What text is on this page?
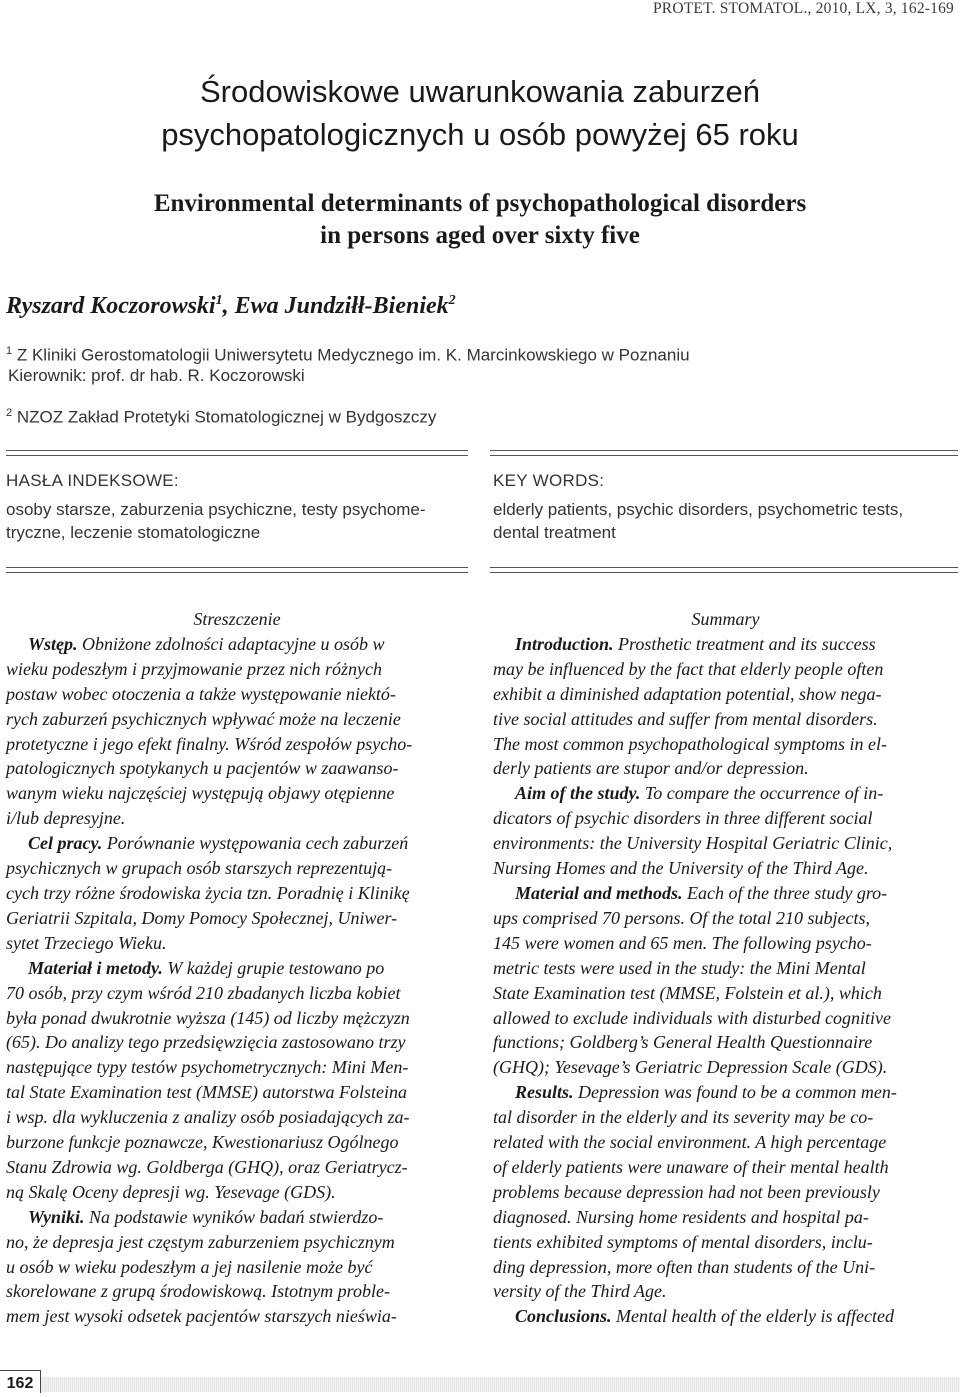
PROTET. STOMATOL., 2010, LX, 3, 162-169
Środowiskowe uwarunkowania zaburzeń
psychopatologicznych u osób powyżej 65 roku
Environmental determinants of psychopathological disorders
in persons aged over sixty five
Ryszard Koczorowski$^1$, Ewa Jundziłł-Bieniek$^2$
$^1$ Z Kliniki Gerostomatologii Uniwersytetu Medycznego im. K. Marcinkowskiego w Poznaniu
Kierownik: prof. dr hab. R. Koczorowski
$^2$ NZOZ Zakład Protetyki Stomatologicznej w Bydgoszczy
HASŁA INDEKSOWE:
osoby starsze, zaburzenia psychiczne, testy psychome-
tryczne, leczenie stomatologiczne
KEY WORDS:
elderly patients, psychic disorders, psychometric tests,
dental treatment
Streszczenie
Wstęp. Obniżone zdolności adaptacyjne u osób w
wieku podeszłym i przyjmowanie przez nich różnych
postaw wobec otoczenia a także występowanie niektó-
rych zaburzeń psychicznych wpływać może na leczenie
protetyczne i jego efekt finalny. Wśród zespołów psycho-
patologicznych spotykanych u pacjentów w zaawanso-
wanym wieku najczęściej występują objawy otępienne
i/lub depresyjne.
Cel pracy. Porównanie występowania cech zaburzeń
psychicznych w grupach osób starszych reprezentują-
cych trzy różne środowiska życia tzn. Poradnię i Klinikę
Geriatrii Szpitala, Domy Pomocy Społecznej, Uniwer-
sytet Trzeciego Wieku.
Materiał i metody. W każdej grupie testowano po
70 osób, przy czym wśród 210 zbadanych liczba kobiet
była ponad dwukrotnie wyższa (145) od liczby mężczyzn
(65). Do analizy tego przedsięwzięcia zastosowano trzy
następujące typy testów psychometrycznych: Mini Men-
tal State Examination test (MMSE) autorstwa Folsteina
i wsp. dla wykluczenia z analizy osób posiadających za-
burzone funkcje poznawcze, Kwestionariusz Ogólnego
Stanu Zdrowia wg. Goldberga (GHQ), oraz Geriatrycz-
ną Skalę Oceny depresji wg. Yesevage (GDS).
Wyniki. Na podstawie wyników badań stwierdzo-
no, że depresja jest częstym zaburzeniem psychicznym
u osób w wieku podeszłym a jej nasilenie może być
skorelowane z grupą środowiskową. Istotnym proble-
mem jest wysoki odsetek pacjentów starszych nieświa-
Summary
Introduction. Prosthetic treatment and its success
may be influenced by the fact that elderly people often
exhibit a diminished adaptation potential, show nega-
tive social attitudes and suffer from mental disorders.
The most common psychopathological symptoms in el-
derly patients are stupor and/or depression.
Aim of the study. To compare the occurrence of in-
dicators of psychic disorders in three different social
environments: the University Hospital Geriatric Clinic,
Nursing Homes and the University of the Third Age.
Material and methods. Each of the three study gro-
ups comprised 70 persons. Of the total 210 subjects,
145 were women and 65 men. The following psycho-
metric tests were used in the study: the Mini Mental
State Examination test (MMSE, Folstein et al.), which
allowed to exclude individuals with disturbed cognitive
functions; Goldberg’s General Health Questionnaire
(GHQ); Yesevage’s Geriatric Depression Scale (GDS).
Results. Depression was found to be a common men-
tal disorder in the elderly and its severity may be co-
related with the social environment. A high percentage
of elderly patients were unaware of their mental health
problems because depression had not been previously
diagnosed. Nursing home residents and hospital pa-
tients exhibited symptoms of mental disorders, inclu-
ding depression, more often than students of the Uni-
versity of the Third Age.
Conclusions. Mental health of the elderly is affected
162
